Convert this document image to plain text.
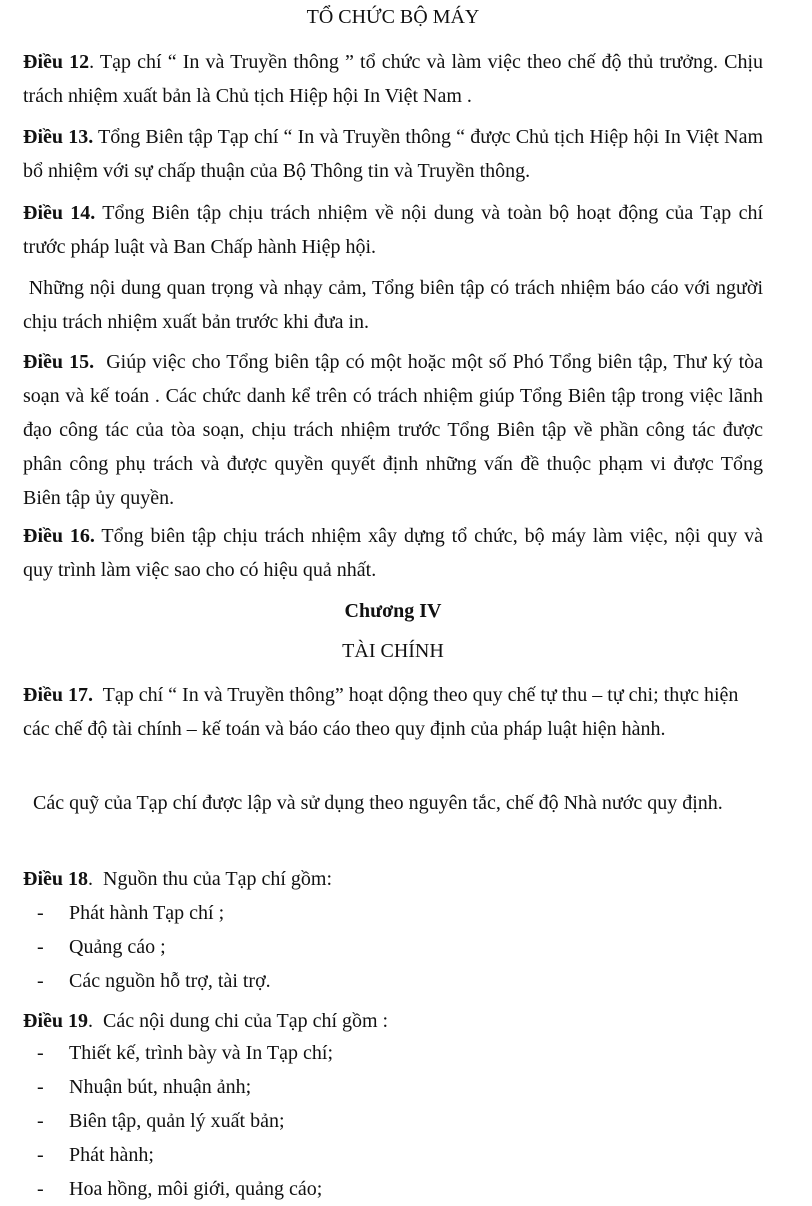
TỔ CHỨC BỘ MÁY

Điều 12. Tạp chí “ In và Truyền thông ” tổ chức và làm việc theo chế độ thủ trưởng. Chịu trách nhiệm xuất bản là Chủ tịch Hiệp hội In Việt Nam .

Điều 13. Tổng Biên tập Tạp chí “ In và Truyền thông “ được Chủ tịch Hiệp hội In Việt Nam bổ nhiệm với sự chấp thuận của Bộ Thông tin và Truyền thông.

Điều 14. Tổng Biên tập chịu trách nhiệm về nội dung và toàn bộ hoạt động của Tạp chí trước pháp luật và Ban Chấp hành Hiệp hội.

Những nội dung quan trọng và nhạy cảm, Tổng biên tập có trách nhiệm báo cáo với người chịu trách nhiệm xuất bản trước khi đưa in.

Điều 15. Giúp việc cho Tổng biên tập có một hoặc một số Phó Tổng biên tập, Thư ký tòa soạn và kế toán . Các chức danh kể trên có trách nhiệm giúp Tổng Biên tập trong việc lãnh đạo công tác của tòa soạn, chịu trách nhiệm trước Tổng Biên tập về phần công tác được phân công phụ trách và được quyền quyết định những vấn đề thuộc phạm vi được Tổng Biên tập ủy quyền.

Điều 16. Tổng biên tập chịu trách nhiệm xây dựng tổ chức, bộ máy làm việc, nội quy và quy trình làm việc sao cho có hiệu quả nhất.

Chương IV
TÀI CHÍNH

Điều 17. Tạp chí “ In và Truyền thông” hoạt dộng theo quy chế tự thu – tự chi; thực hiện các chế độ tài chính – kế toán và báo cáo theo quy định của pháp luật hiện hành.

Các quỹ của Tạp chí được lập và sử dụng theo nguyên tắc, chế độ Nhà nước quy định.

Điều 18.  Nguồn thu của Tạp chí gồm:

- Phát hành Tạp chí ;
- Quảng cáo ;
- Các nguồn hỗ trợ, tài trợ.

Điều 19.  Các nội dung chi của Tạp chí gồm :

- Thiết kế, trình bày và In Tạp chí;
- Nhuận bút, nhuận ảnh;
- Biên tập, quản lý xuất bản;
- Phát hành;
- Hoa hồng, môi giới, quảng cáo;
